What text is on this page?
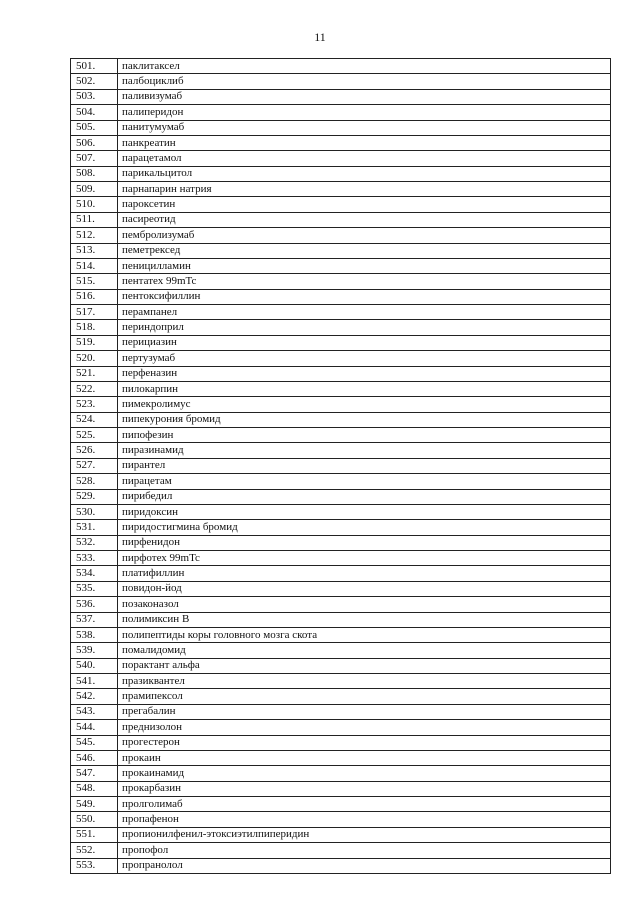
11
501.	паклитаксел
502.	палбоциклиб
503.	паливизумаб
504.	палиперидон
505.	панитумумаб
506.	панкреатин
507.	парацетамол
508.	парикальцитол
509.	парнапарин натрия
510.	пароксетин
511.	пасиреотид
512.	пембролизумаб
513.	пеметрексед
514.	пеницилламин
515.	пентатех 99mTc
516.	пентоксифиллин
517.	перампанел
518.	периндоприл
519.	перициазин
520.	пертузумаб
521.	перфеназин
522.	пилокарпин
523.	пимекролимус
524.	пипекурония бромид
525.	пипофезин
526.	пиразинамид
527.	пирантел
528.	пирацетам
529.	пирибедил
530.	пиридоксин
531.	пиридостигмина бромид
532.	пирфенидон
533.	пирфотех 99mTc
534.	платифиллин
535.	повидон-йод
536.	позаконазол
537.	полимиксин В
538.	полипептиды коры головного мозга скота
539.	помалидомид
540.	порактант альфа
541.	празиквантел
542.	прамипексол
543.	прегабалин
544.	преднизолон
545.	прогестерон
546.	прокаин
547.	прокаинамид
548.	прокарбазин
549.	пролголимаб
550.	пропафенон
551.	пропионилфенил-этоксиэтилпиперидин
552.	пропофол
553.	пропранолол
